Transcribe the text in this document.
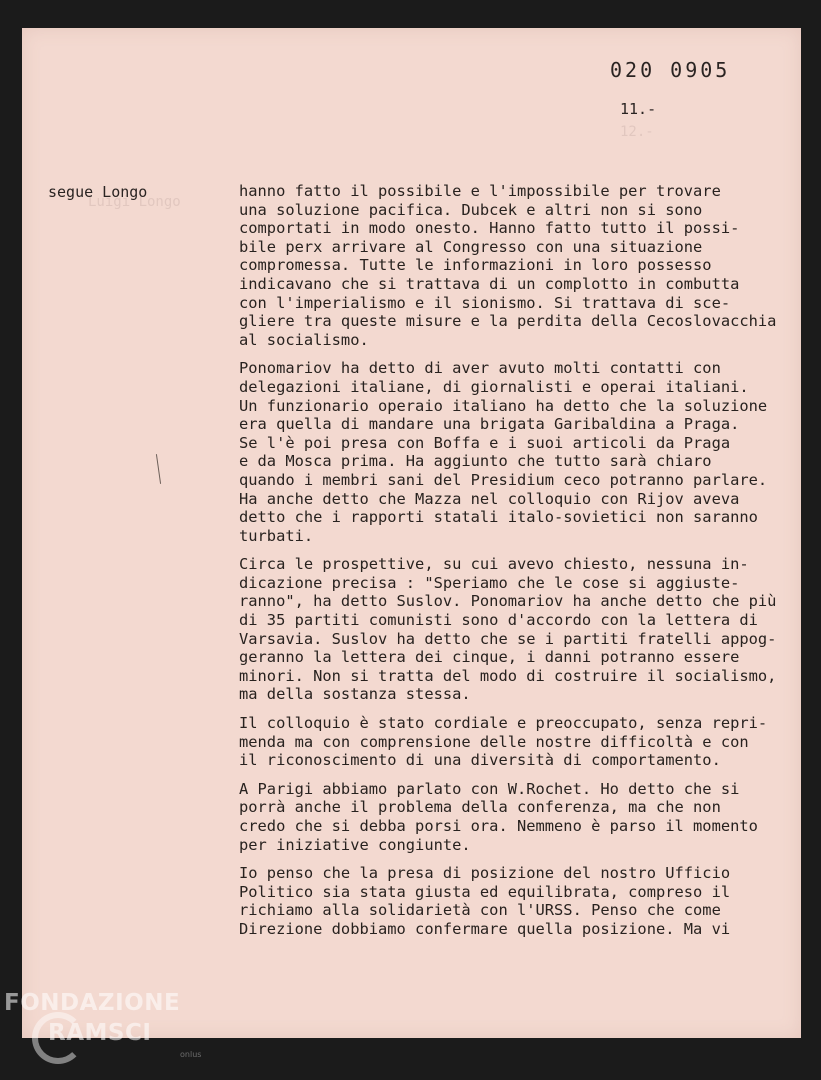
020 0905
11.-
segue Longo
12.-
Luigi Longo
hanno fatto il possibile e l'impossibile per trovare
una soluzione pacifica. Dubcek e altri non si sono
comportati in modo onesto. Hanno fatto tutto il possi-
bile perx arrivare al Congresso con una situazione
compromessa. Tutte le informazioni in loro possesso
indicavano che si trattava di un complotto in combutta
con l'imperialismo e il sionismo. Si trattava di sce-
gliere tra queste misure e la perdita della Cecoslovacchia
al socialismo.
Ponomariov ha detto di aver avuto molti contatti con
delegazioni italiane, di giornalisti e operai italiani.
Un funzionario operaio italiano ha detto che la soluzione
era quella di mandare una brigata Garibaldina a Praga.
Se l'è poi presa con Boffa e i suoi articoli da Praga
e da Mosca prima. Ha aggiunto che tutto sarà chiaro
quando i membri sani del Presidium ceco potranno parlare.
Ha anche detto che Mazza nel colloquio con Rijov aveva
detto che i rapporti statali italo-sovietici non saranno
turbati.
Circa le prospettive, su cui avevo chiesto, nessuna in-
dicazione precisa : "Speriamo che le cose si aggiuste-
ranno", ha detto Suslov. Ponomariov ha anche detto che più
di 35 partiti comunisti sono d'accordo con la lettera di
Varsavia. Suslov ha detto che se i partiti fratelli appog-
geranno la lettera dei cinque, i danni potranno essere
minori. Non si tratta del modo di costruire il socialismo,
ma della sostanza stessa.
Il colloquio è stato cordiale e preoccupato, senza repri-
menda ma con comprensione delle nostre difficoltà e con
il riconoscimento di una diversità di comportamento.
A Parigi abbiamo parlato con W.Rochet. Ho detto che si
porrà anche il problema della conferenza, ma che non
credo che si debba porsi ora. Nemmeno è parso il momento
per iniziative congiunte.
Io penso che la presa di posizione del nostro Ufficio
Politico sia stata giusta ed equilibrata, compreso il
richiamo alla solidarietà con l'URSS. Penso che come
Direzione dobbiamo confermare quella posizione. Ma vi
FONDAZIONE
RAMSCI
onlus
